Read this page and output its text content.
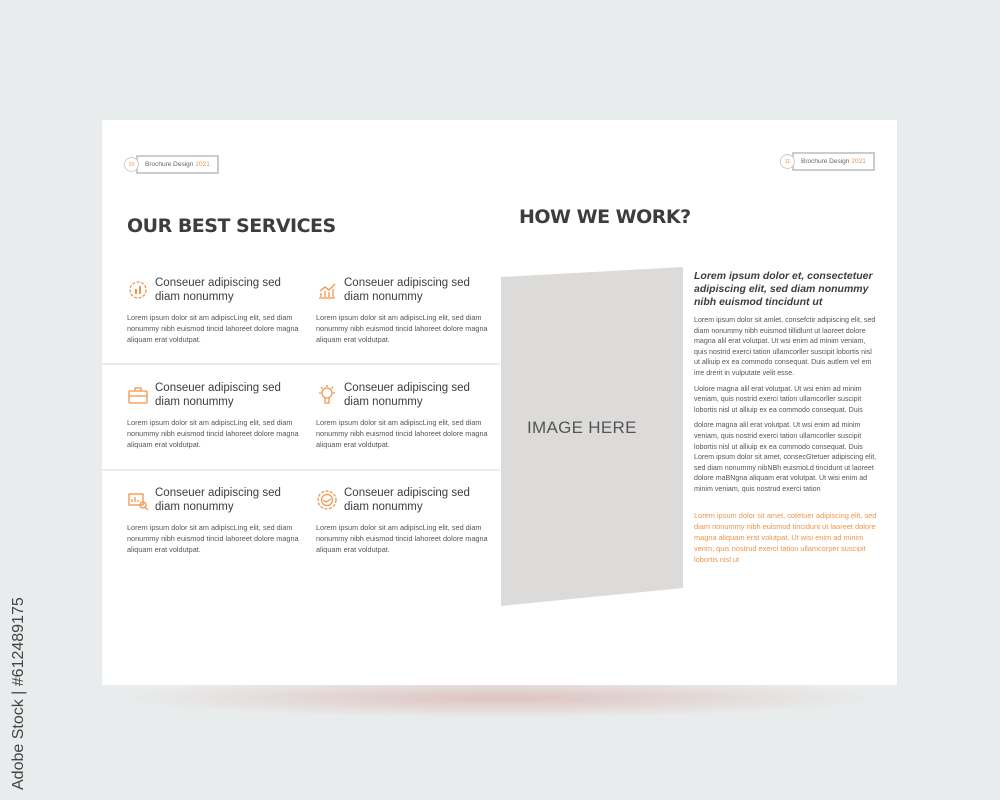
10	Brochure Design 2021
OUR BEST SERVICES
Conseuer adipiscing sed diam nonummy

Lorem ipsum dolor sit am adipiscLing elit, sed diam nonummy nibh euismod tincid lahoreet dolore magna aliquam erat voldutpat.

Conseuer adipiscing sed diam nonummy

Lorem ipsum dolor sit am adipiscLing elit, sed diam nonummy nibh euismod tincid lahoreet dolore magna aliquam erat voldutpat.

Conseuer adipiscing sed diam nonummy

Lorem ipsum dolor sit am adipiscLing elit, sed diam nonummy nibh euismod tincid lahoreet dolore magna aliquam erat voldutpat.

Conseuer adipiscing sed diam nonummy

Lorem ipsum dolor sit am adipiscLing elit, sed diam nonummy nibh euismod tincid lahoreet dolore magna aliquam erat voldutpat.

Conseuer adipiscing sed diam nonummy

Lorem ipsum dolor sit am adipiscLing elit, sed diam nonummy nibh euismod tincid lahoreet dolore magna aliquam erat voldutpat.

Conseuer adipiscing sed diam nonummy

Lorem ipsum dolor sit am adipiscLing elit, sed diam nonummy nibh euismod tincid lahoreet dolore magna aliquam erat voldutpat.

11	Brochure Design 2021
HOW WE WORK?
IMAGE HERE
Lorem ipsum dolor et, consectetuer adipiscing elit, sed diam nonummy nibh euismod tincidunt ut
Lorem ipsum dolor sit amlet, consefctir adipiscing elit, sed diam nonummy nibh euismod tillidlunt ut laoreet dolore magna alil erat volutpat. Ut wsi enim ad minim veniam, quis nostrid exerci tation ullamcorller suscipit lobortis nisl ut alliuip ex ea commodo consequat. Duis autlem vel em irre drerit in vulputate velit esse.
Uolore magna alil erat volutpat. Ut wsi enim ad minim veniam, quis nostrid exerci tation ullamcorller suscipit lobortis nisl ut alliuip ex ea commodo consequat. Duis
dolore magna alil erat volutpat. Ut wsi enim ad minim veniam, quis nostrid exerci tation ullamcorller suscipit lobortis nisl ut alliuip ex ea commodo consequat. Duis Lorem ipsum dolor sit amet, consecGtetuer adipiscing elit, sed diam nonummy nibNBh euismoLd tincidunt ut laoreet dolore maBNgna aliquam erat volutpat. Ut wisi enim ad minim veniam, quis nostrud exerci tation
Lorem ipsum dolor sit amet, cotetuer adipiscing elit, sed diam nonummy nibh euismod tincidunt ut laoreet dolore magna aliquam erat volutpat. Ut wisi enim ad minim venm, quis nostrud exerci tation ullamcorper suscipit lobortis nisl ut
Adobe Stock | #612489175
